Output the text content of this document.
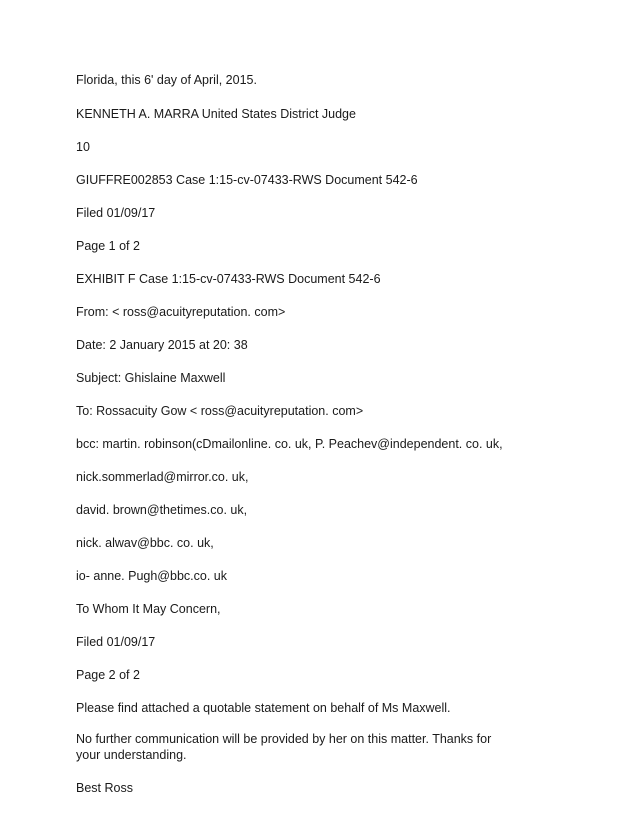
Florida, this 6' day of April, 2015.

KENNETH A. MARRA United States District Judge

10

GIUFFRE002853 Case 1:15-cv-07433-RWS Document 542-6

Filed 01/09/17

Page 1 of 2

EXHIBIT F Case 1:15-cv-07433-RWS Document 542-6

From: < ross@acuityreputation. com>

Date: 2 January 2015 at 20: 38

Subject: Ghislaine Maxwell

To: Rossacuity Gow < ross@acuityreputation. com>

bcc: martin. robinson(cDmailonline. co. uk, P. Peachev@independent. co. uk,

nick.sommerlad@mirror.co. uk,

david. brown@thetimes.co. uk,

nick. alwav@bbc. co. uk,

io- anne. Pugh@bbc.co. uk

To Whom It May Concern,

Filed 01/09/17

Page 2 of 2

Please find attached a quotable statement on behalf of Ms Maxwell.

No further communication will be provided by her on this matter. Thanks for your understanding.

Best Ross
